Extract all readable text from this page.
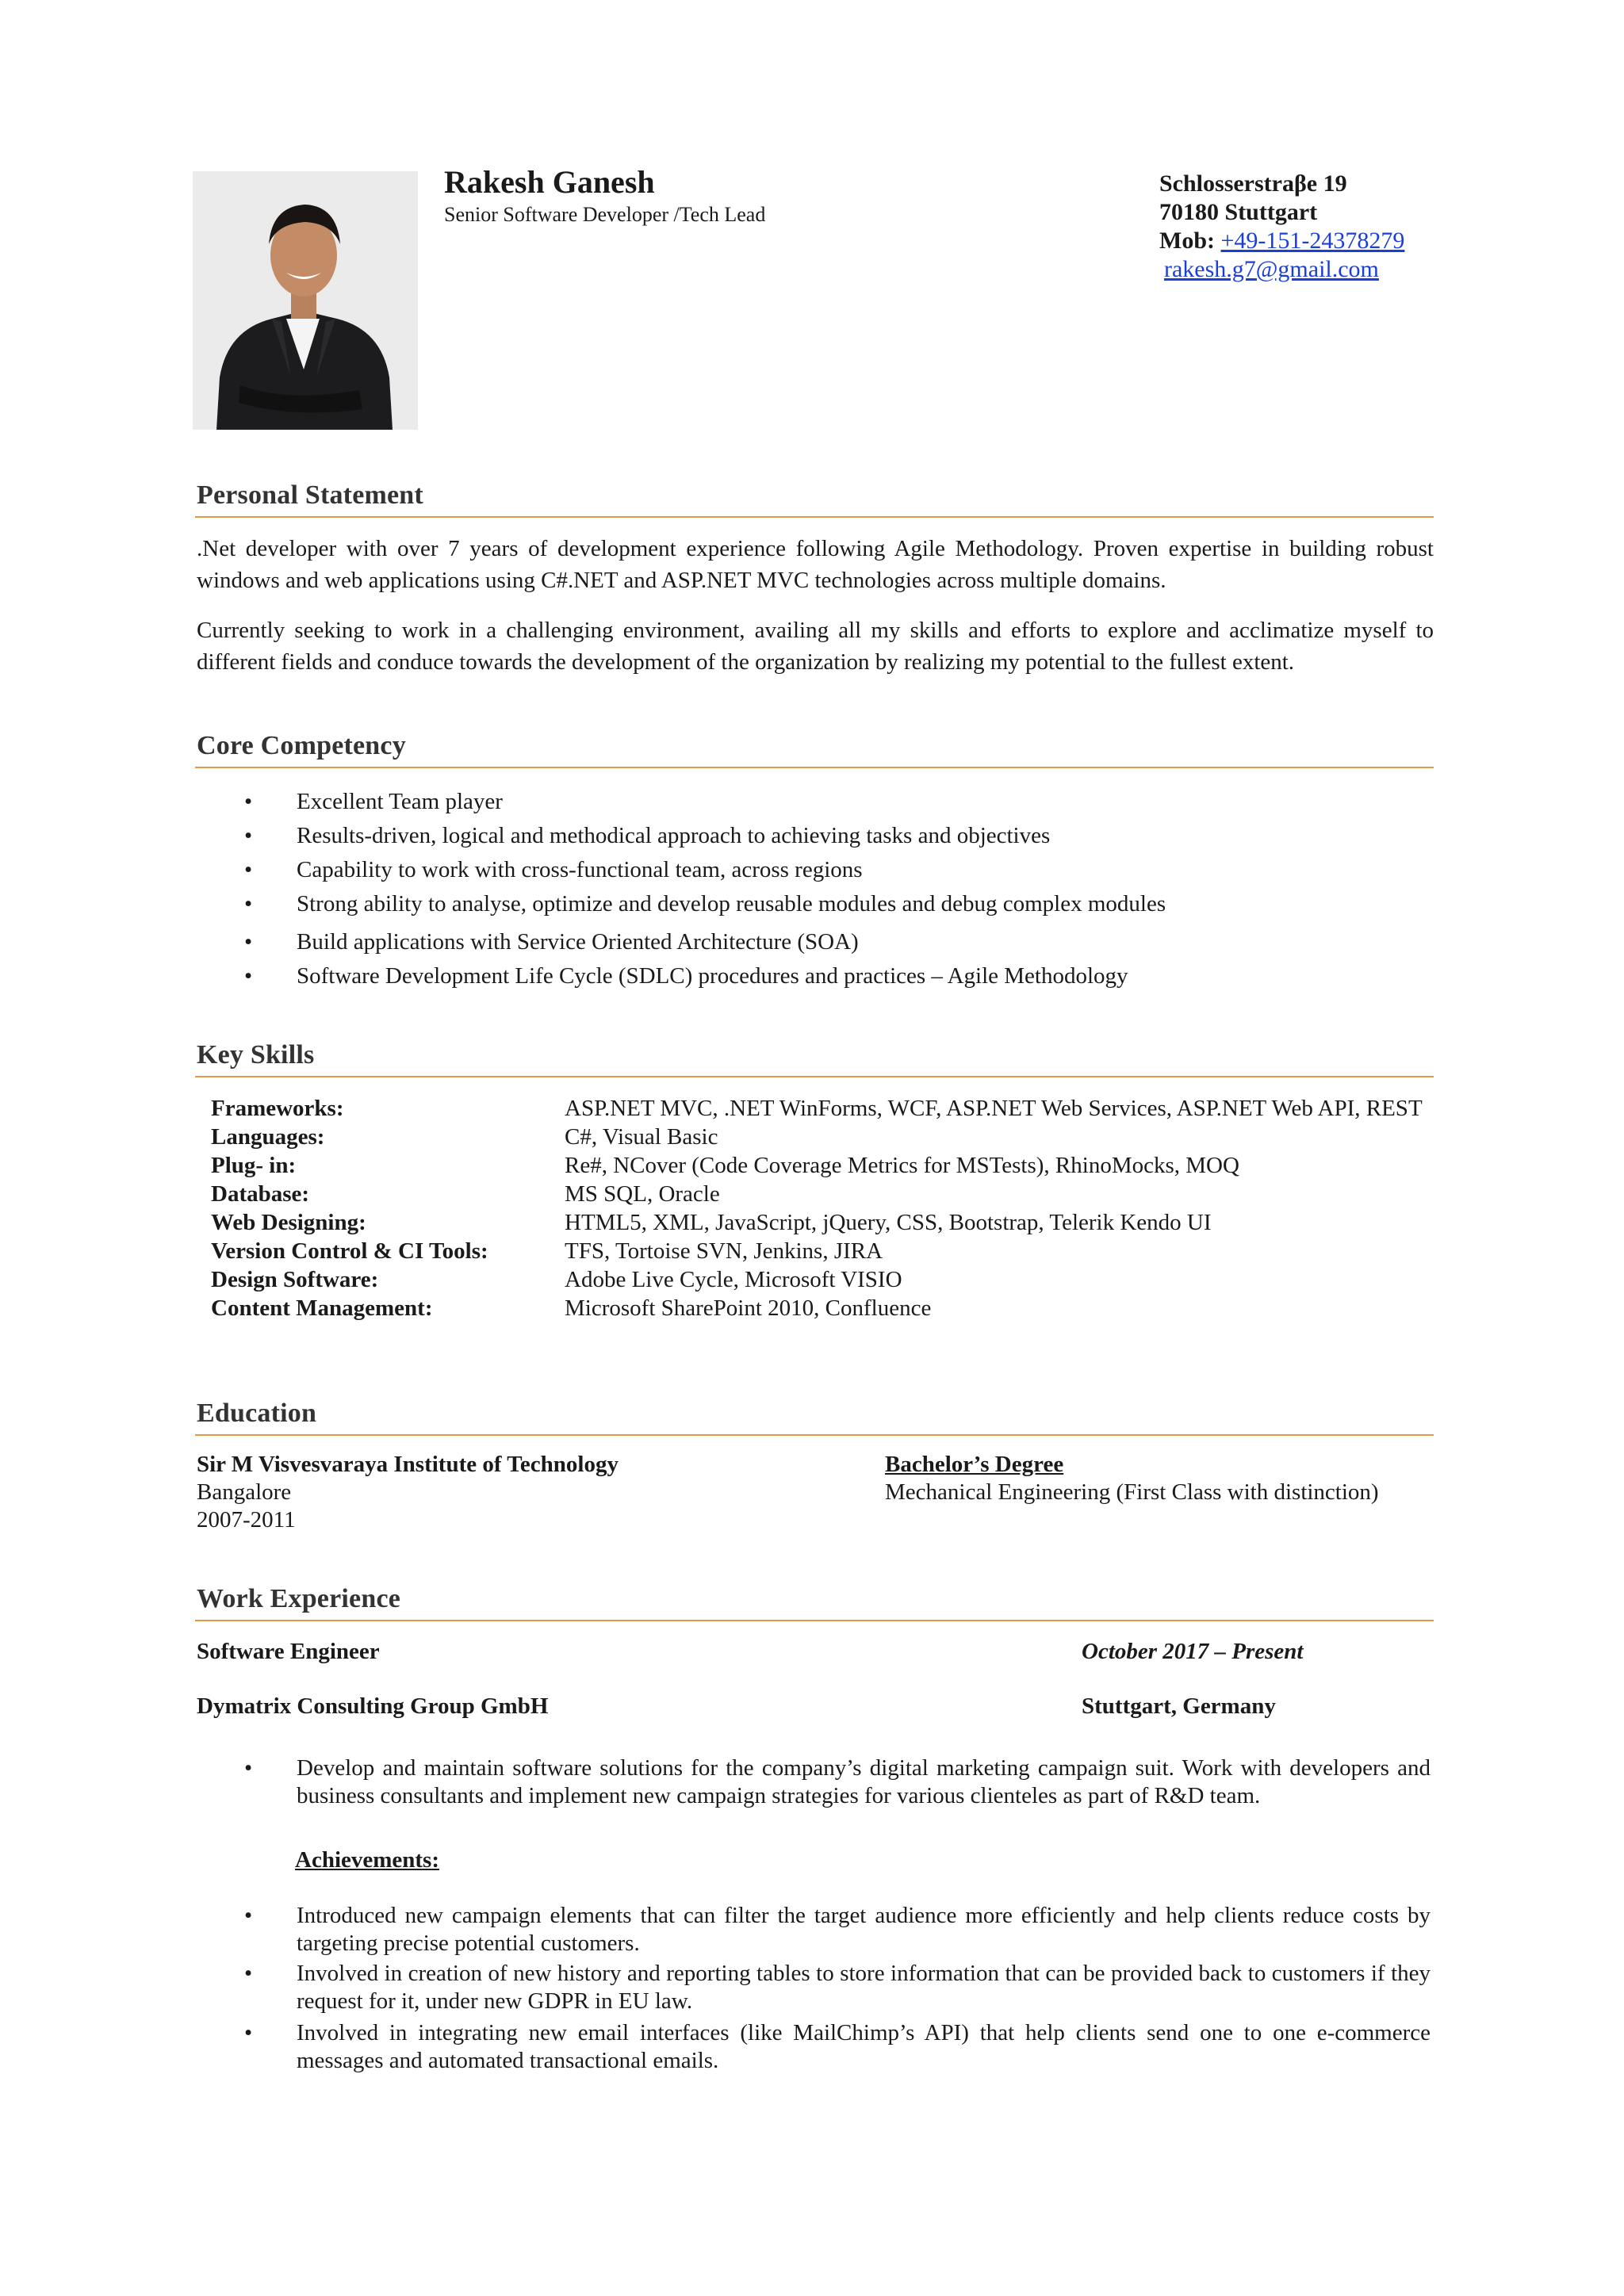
Rakesh Ganesh
Senior Software Developer /Tech Lead
Schlosserstraβe 19
70180 Stuttgart
Mob: +49-151-24378279
rakesh.g7@gmail.com
Personal Statement
.Net developer with over 7 years of development experience following Agile Methodology. Proven expertise in building robust windows and web applications using C#.NET and ASP.NET MVC technologies across multiple domains.
Currently seeking to work in a challenging environment, availing all my skills and efforts to explore and acclimatize myself to different fields and conduce towards the development of the organization by realizing my potential to the fullest extent.
Core Competency
• Excellent Team player
• Results-driven, logical and methodical approach to achieving tasks and objectives
• Capability to work with cross-functional team, across regions
• Strong ability to analyse, optimize and develop reusable modules and debug complex modules
• Build applications with Service Oriented Architecture (SOA)
• Software Development Life Cycle (SDLC) procedures and practices – Agile Methodology
Key Skills
Frameworks:	ASP.NET MVC, .NET WinForms, WCF, ASP.NET Web Services, ASP.NET Web API, REST
Languages:	C#, Visual Basic
Plug- in:	Re#, NCover (Code Coverage Metrics for MSTests), RhinoMocks, MOQ
Database:	MS SQL, Oracle
Web Designing:	HTML5, XML, JavaScript, jQuery, CSS, Bootstrap, Telerik Kendo UI
Version Control & CI Tools:	TFS, Tortoise SVN, Jenkins, JIRA
Design Software:	Adobe Live Cycle, Microsoft VISIO
Content Management:	Microsoft SharePoint 2010, Confluence
Education
Sir M Visvesvaraya Institute of Technology
Bangalore
2007-2011
Bachelor’s Degree
Mechanical Engineering (First Class with distinction)
Work Experience
Software Engineer	October 2017 – Present
Dymatrix Consulting Group GmbH	Stuttgart, Germany
• Develop and maintain software solutions for the company’s digital marketing campaign suit. Work with developers and business consultants and implement new campaign strategies for various clienteles as part of R&D team.
Achievements:
• Introduced new campaign elements that can filter the target audience more efficiently and help clients reduce costs by targeting precise potential customers.
• Involved in creation of new history and reporting tables to store information that can be provided back to customers if they request for it, under new GDPR in EU law.
• Involved in integrating new email interfaces (like MailChimp’s API) that help clients send one to one e-commerce messages and automated transactional emails.
